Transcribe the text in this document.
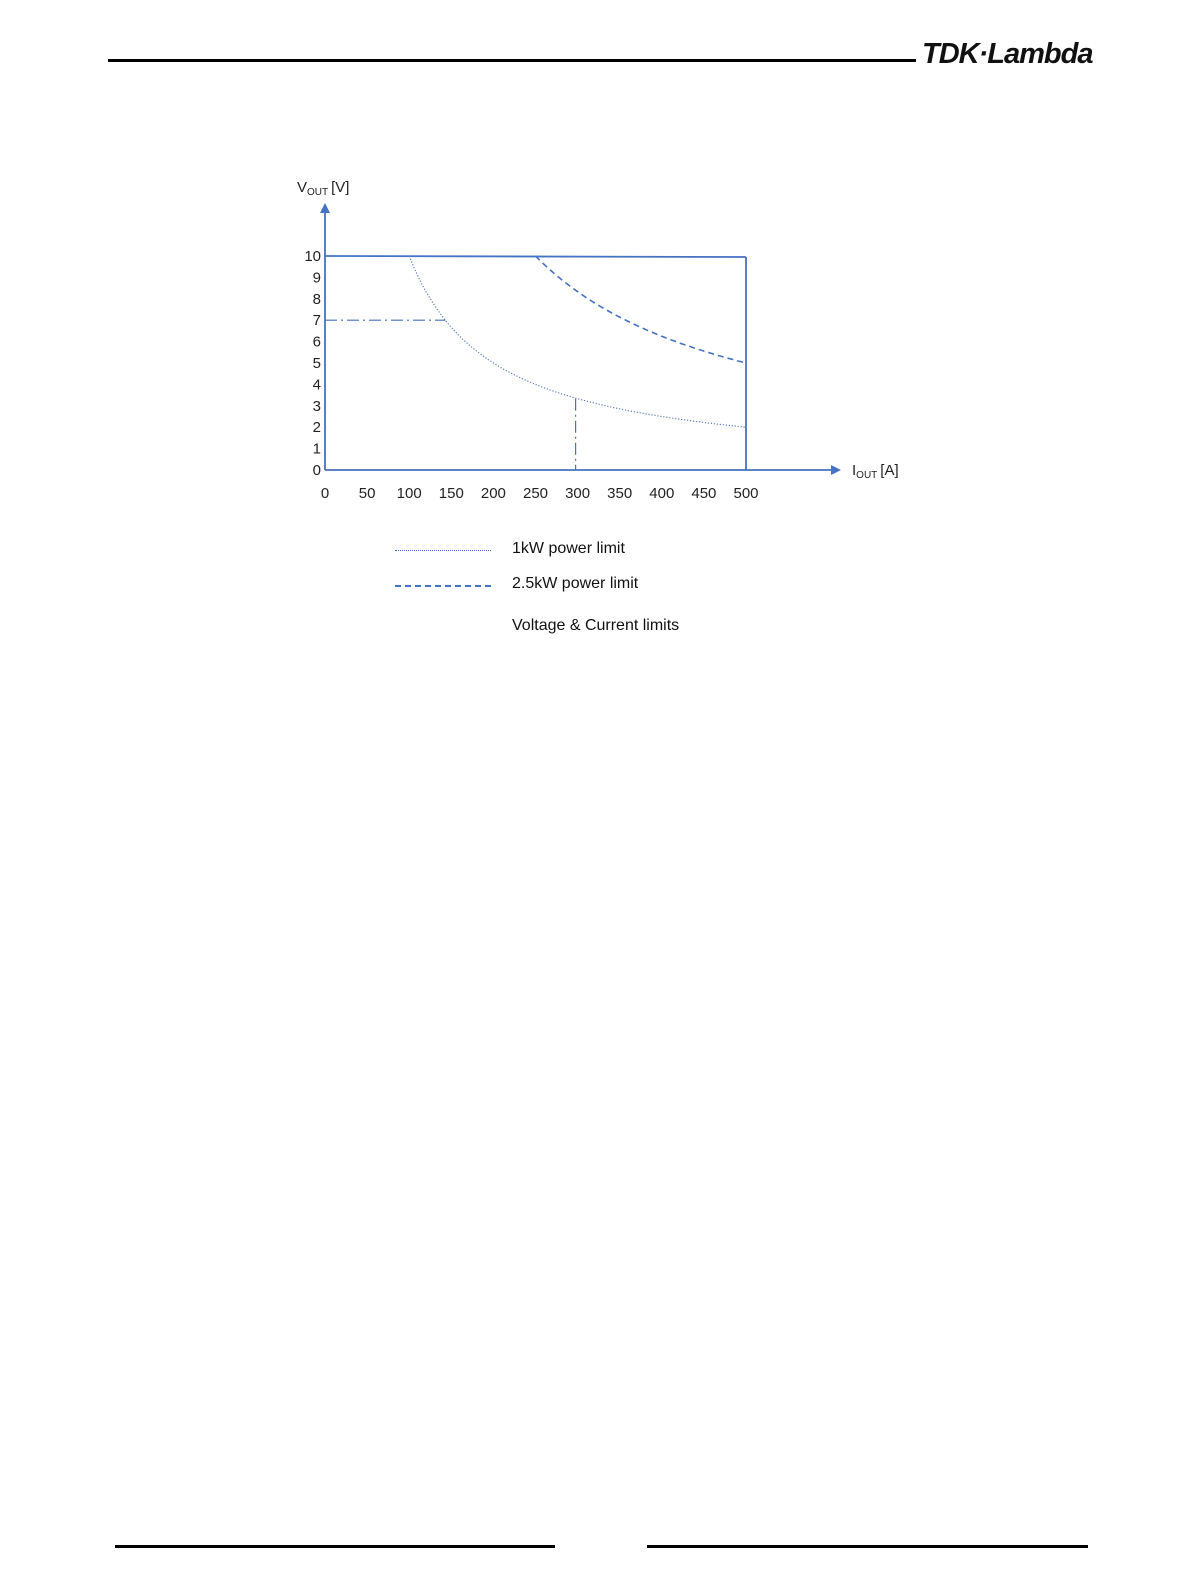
TDK·Lambda
0
1
2
3
4
5
6
7
8
9
10
0 50 100 150 200 250 300 350 400 450 500
$V_{OUT}$ [V]
$I_{OUT}$ [A]
1kW power limit
2.5kW power limit
Voltage & Current limits
